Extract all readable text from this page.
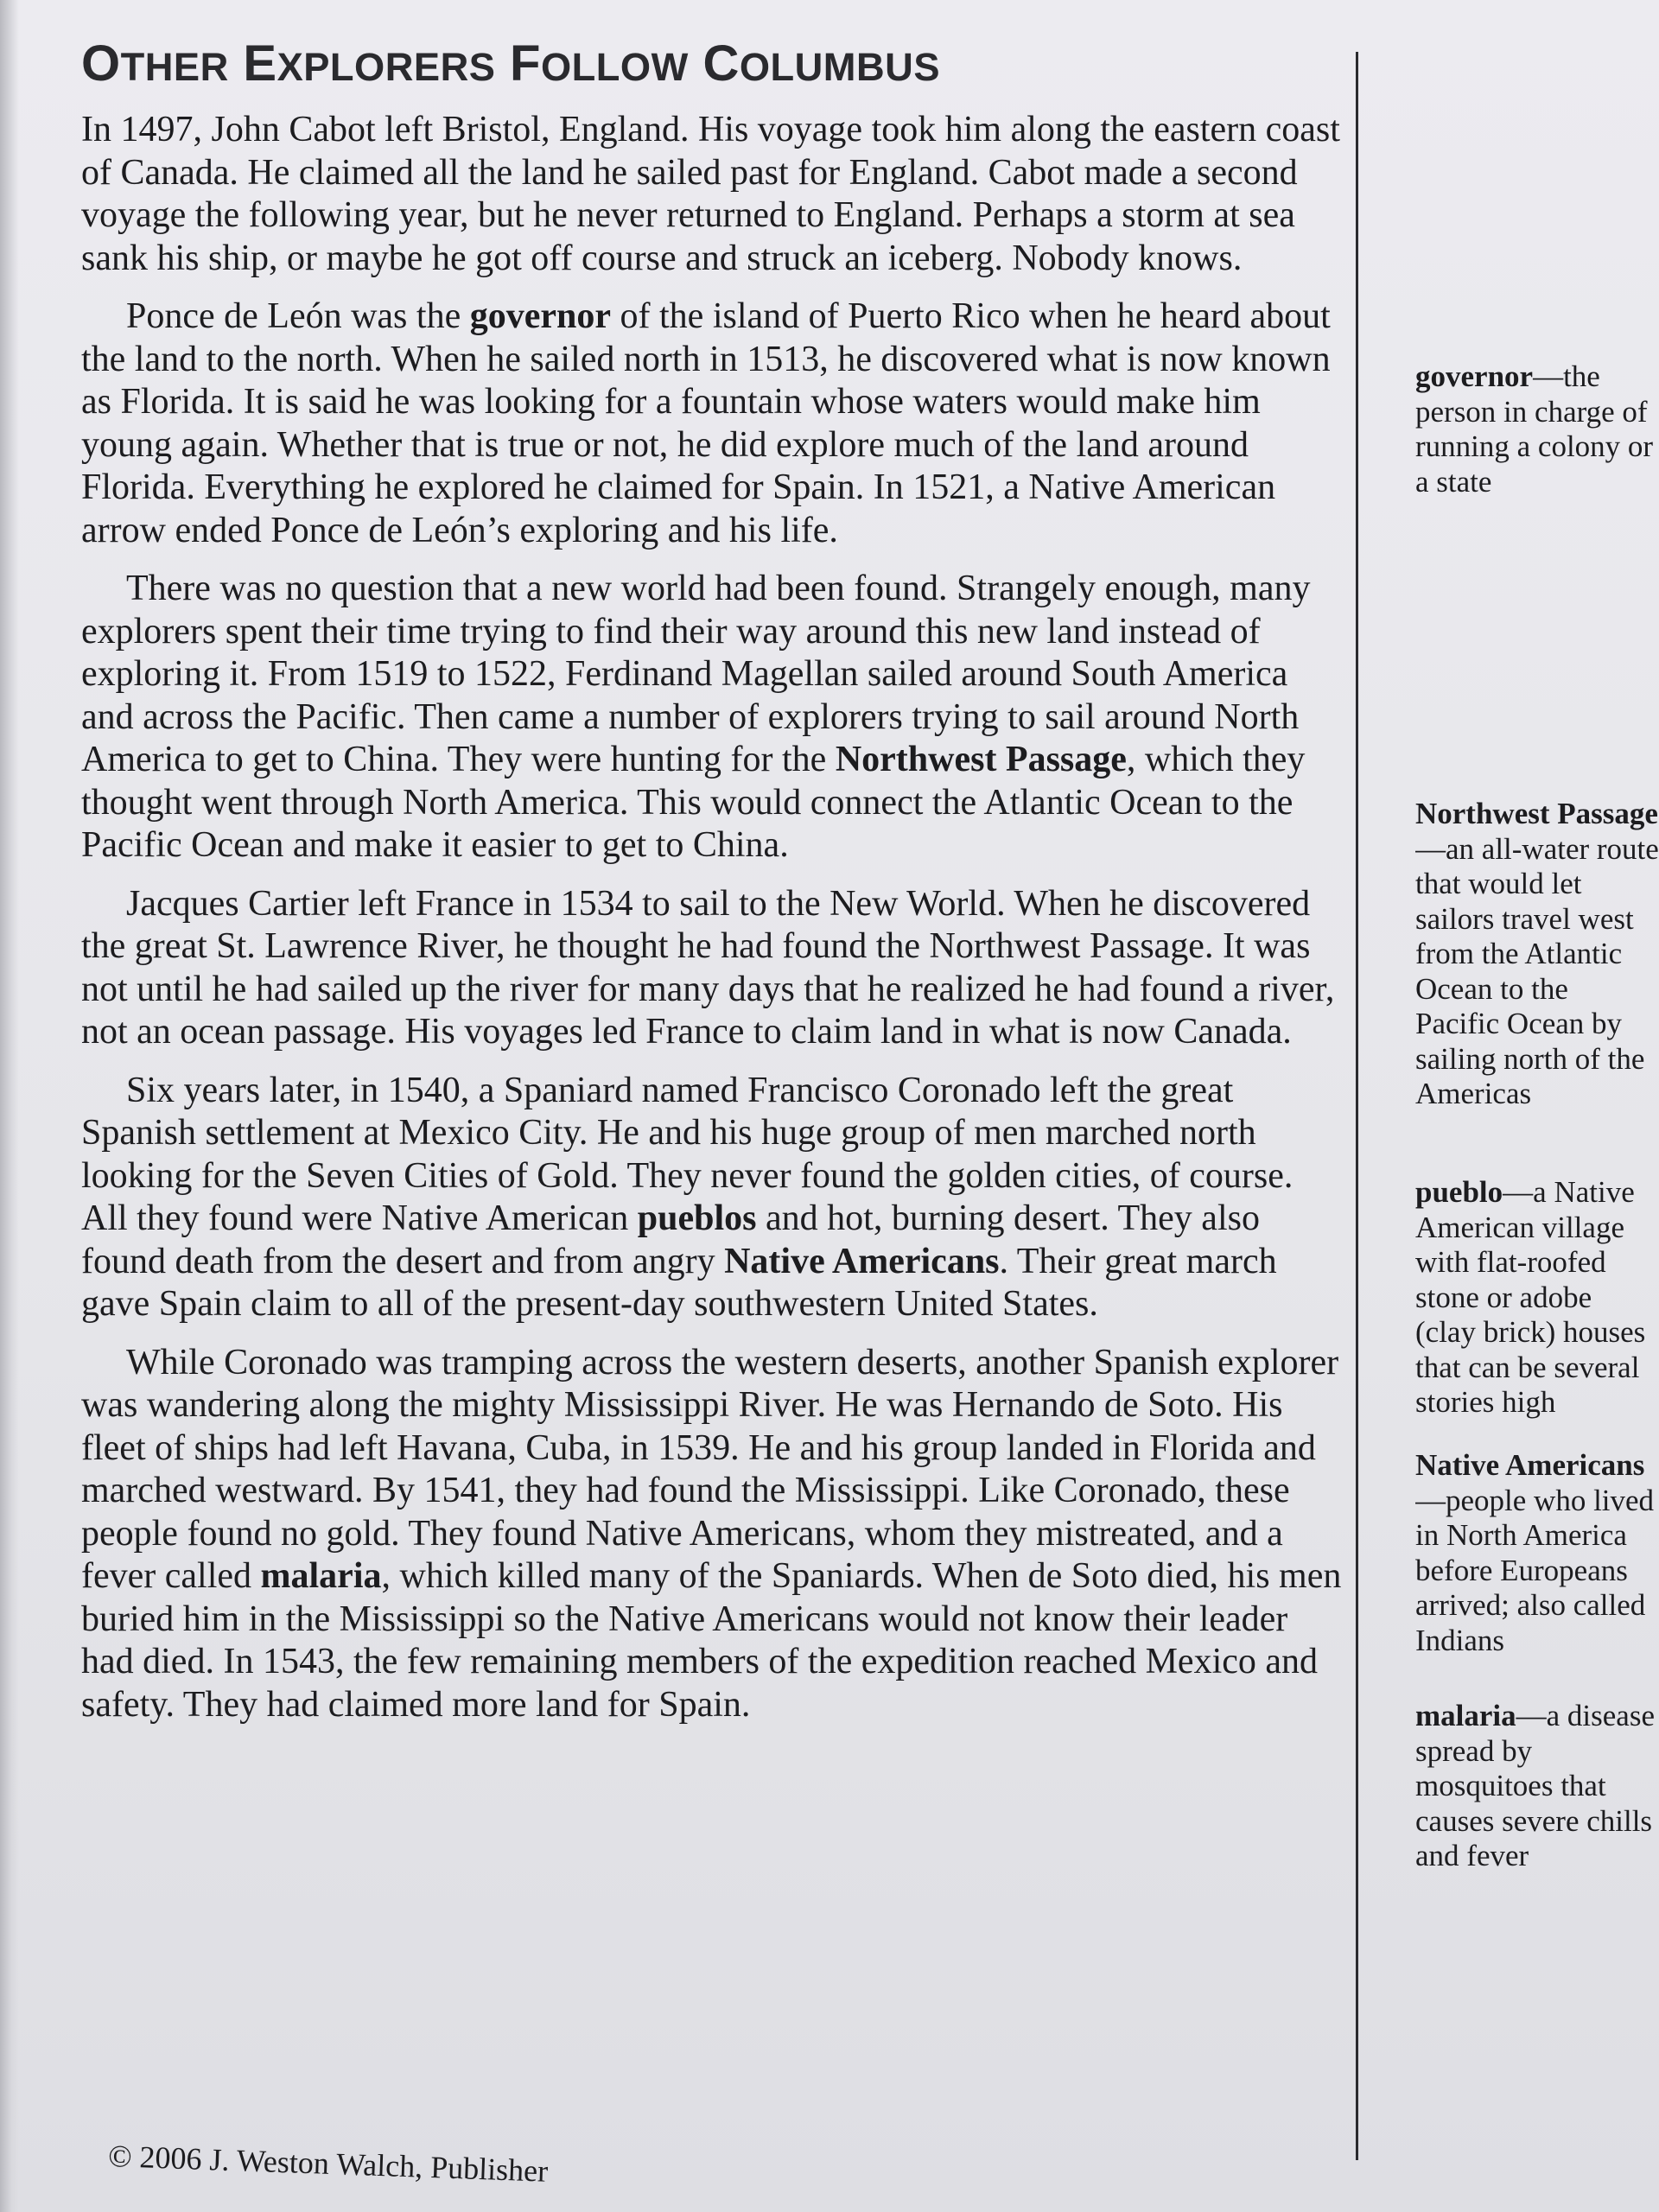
OTHER EXPLORERS FOLLOW COLUMBUS

In 1497, John Cabot left Bristol, England. His voyage took him along the eastern coast of Canada. He claimed all the land he sailed past for England. Cabot made a second voyage the following year, but he never returned to England. Perhaps a storm at sea sank his ship, or maybe he got off course and struck an iceberg. Nobody knows.

Ponce de León was the governor of the island of Puerto Rico when he heard about the land to the north. When he sailed north in 1513, he discovered what is now known as Florida. It is said he was looking for a fountain whose waters would make him young again. Whether that is true or not, he did explore much of the land around Florida. Everything he explored he claimed for Spain. In 1521, a Native American arrow ended Ponce de León’s exploring and his life.

There was no question that a new world had been found. Strangely enough, many explorers spent their time trying to find their way around this new land instead of exploring it. From 1519 to 1522, Ferdinand Magellan sailed around South America and across the Pacific. Then came a number of explorers trying to sail around North America to get to China. They were hunting for the Northwest Passage, which they thought went through North America. This would connect the Atlantic Ocean to the Pacific Ocean and make it easier to get to China.

Jacques Cartier left France in 1534 to sail to the New World. When he discovered the great St. Lawrence River, he thought he had found the Northwest Passage. It was not until he had sailed up the river for many days that he realized he had found a river, not an ocean passage. His voyages led France to claim land in what is now Canada.

Six years later, in 1540, a Spaniard named Francisco Coronado left the great Spanish settlement at Mexico City. He and his huge group of men marched north looking for the Seven Cities of Gold. They never found the golden cities, of course. All they found were Native American pueblos and hot, burning desert. They also found death from the desert and from angry Native Americans. Their great march gave Spain claim to all of the present-day southwestern United States.

While Coronado was tramping across the western deserts, another Spanish explorer was wandering along the mighty Mississippi River. He was Hernando de Soto. His fleet of ships had left Havana, Cuba, in 1539. He and his group landed in Florida and marched westward. By 1541, they had found the Mississippi. Like Coronado, these people found no gold. They found Native Americans, whom they mistreated, and a fever called malaria, which killed many of the Spaniards. When de Soto died, his men buried him in the Mississippi so the Native Americans would not know their leader had died. In 1543, the few remaining members of the expedition reached Mexico and safety. They had claimed more land for Spain.

governor—the person in charge of running a colony or a state
Northwest Passage—an all-water route that would let sailors travel west from the Atlantic Ocean to the Pacific Ocean by sailing north of the Americas
pueblo—a Native American village with flat-roofed stone or adobe (clay brick) houses that can be several stories high
Native Americans—people who lived in North America before Europeans arrived; also called Indians
malaria—a disease spread by mosquitoes that causes severe chills and fever
© 2006 J. Weston Walch, Publisher
